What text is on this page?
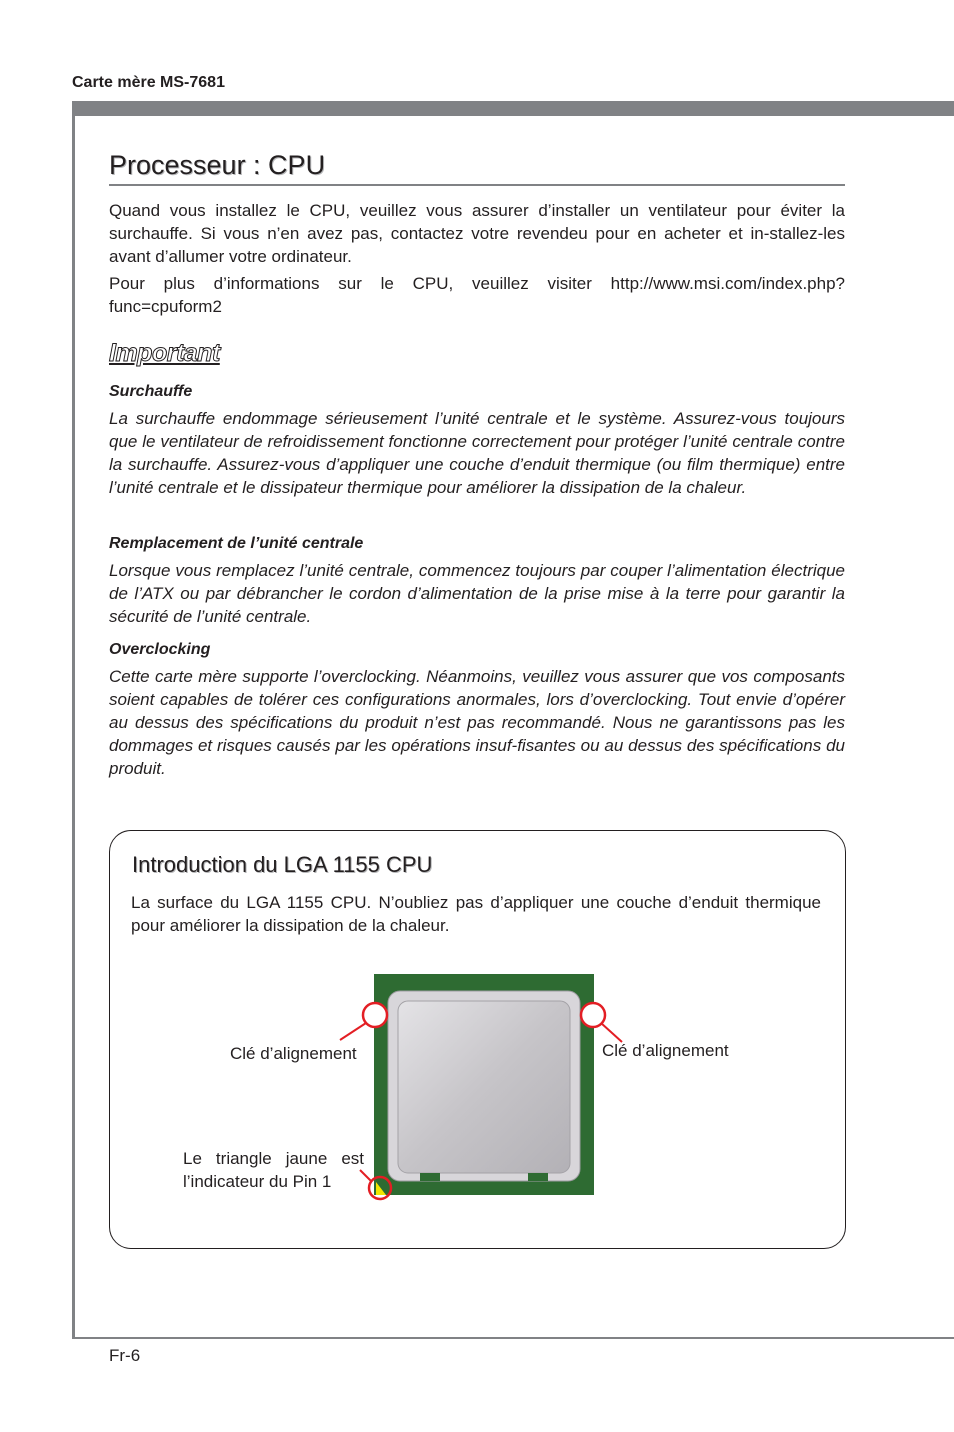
Carte mère MS-7681
Processeur : CPU
Quand vous installez le CPU, veuillez vous assurer d’installer un ventilateur pour éviter la surchauffe. Si vous n’en avez pas, contactez votre revendeu pour en acheter et in-stallez-les avant d’allumer votre ordinateur.
Pour plus d’informations sur le CPU, veuillez visiter http://www.msi.com/index.php?func=cpuform2
Important
Surchauffe
La surchauffe endommage sérieusement l’unité centrale et le système. Assurez-vous toujours que le ventilateur de refroidissement fonctionne correctement pour protéger l’unité centrale contre la surchauffe. Assurez-vous d’appliquer une couche d’enduit thermique (ou film thermique) entre l’unité centrale et le dissipateur thermique pour améliorer la dissipation de la chaleur.
Remplacement de l’unité centrale
Lorsque vous remplacez l’unité centrale, commencez toujours par couper l’alimentation électrique de l’ATX ou par débrancher le cordon d’alimentation de la prise mise à la terre pour garantir la sécurité de l’unité centrale.
Overclocking
Cette carte mère supporte l’overclocking. Néanmoins, veuillez vous assurer que vos composants soient capables de tolérer ces configurations anormales, lors d’overclocking. Tout envie d’opérer au dessus des spécifications du produit n’est pas recommandé. Nous ne garantissons pas les dommages et risques causés par les opérations insuf-fisantes ou au dessus des spécifications du produit.
Introduction du LGA 1155 CPU
La surface du LGA 1155 CPU. N’oubliez pas d’appliquer une couche d’enduit thermique pour améliorer la dissipation de la chaleur.
Clé d’alignement	Clé d’alignement
Le triangle jaune est
l’indicateur du Pin 1
Fr-6
